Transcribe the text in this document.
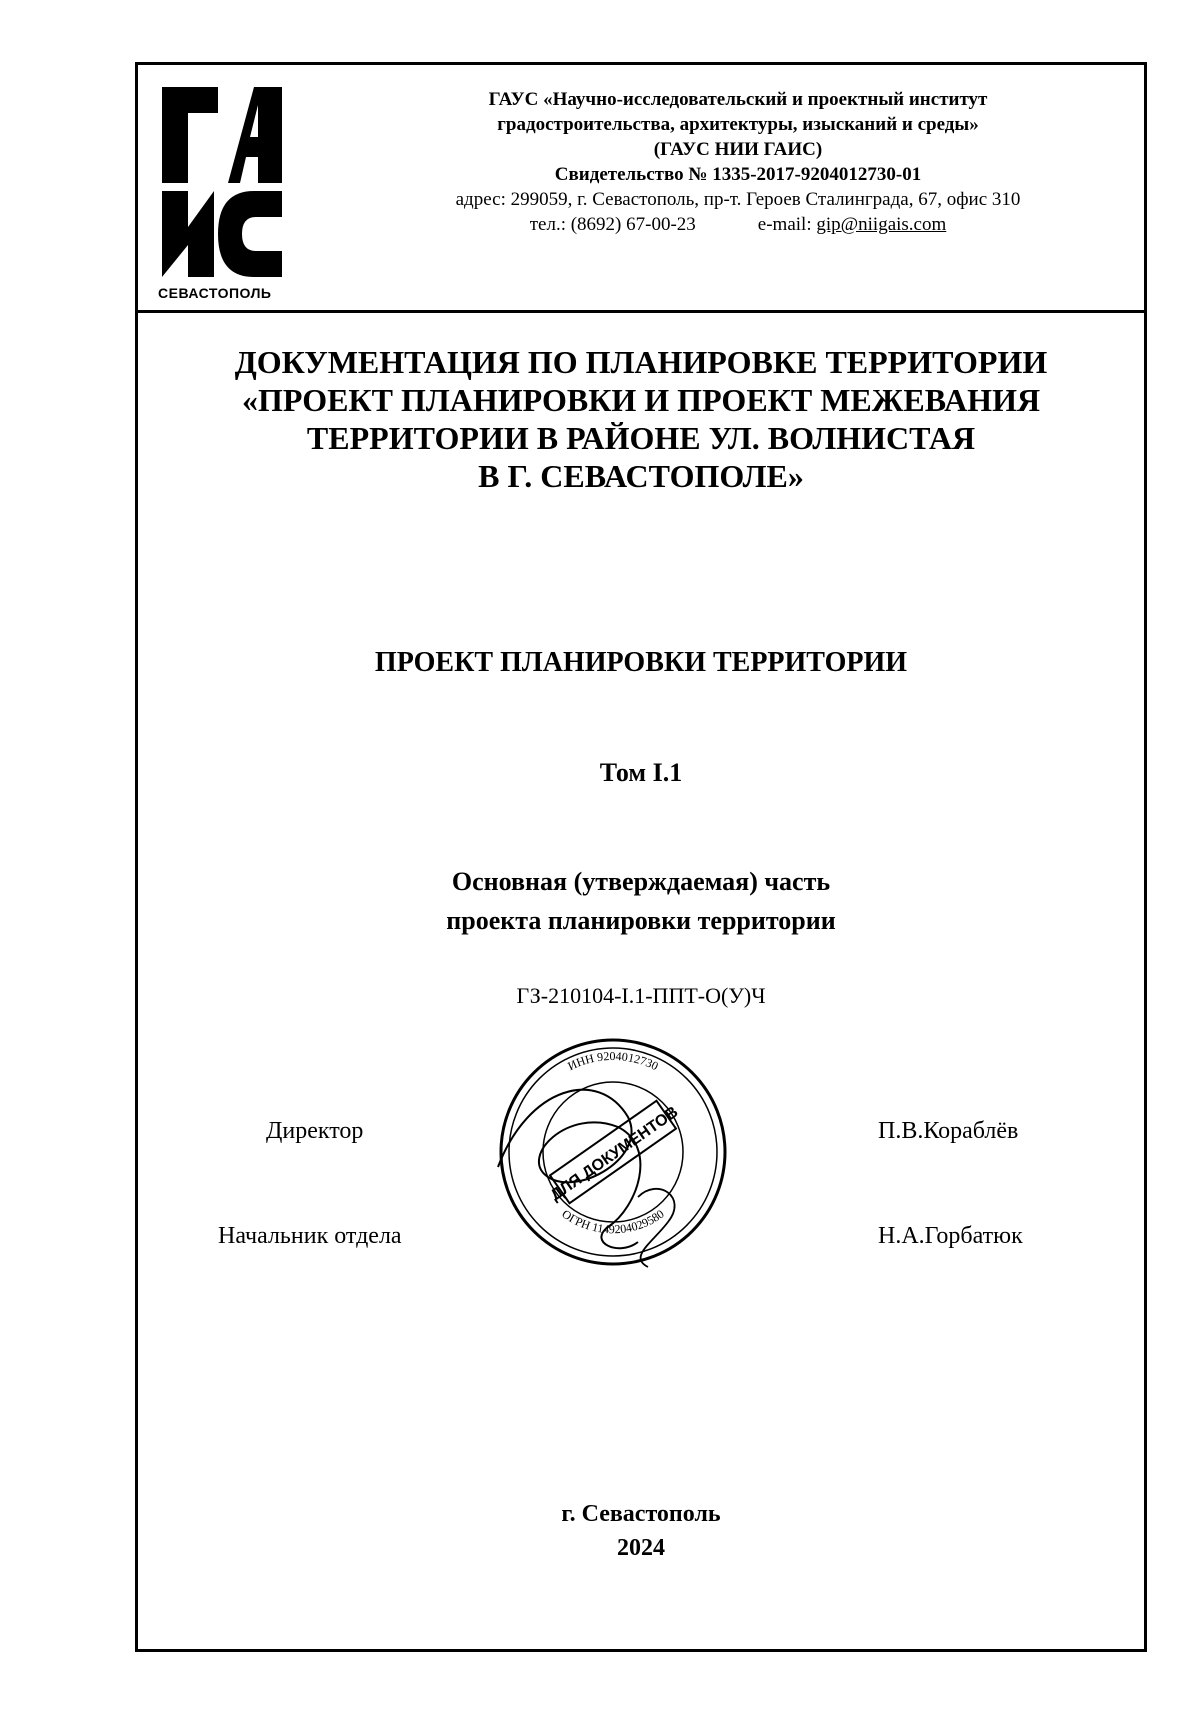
СЕВАСТОПОЛЬ
ГАУС «Научно-исследовательский и проектный институт
градостроительства, архитектуры, изысканий и среды»
(ГАУС НИИ ГАИС)
Свидетельство № 1335-2017-9204012730-01
адрес: 299059, г. Севастополь, пр-т. Героев Сталинграда, 67, офис 310
тел.: (8692) 67-00-23	e-mail: gip@niigais.com
ДОКУМЕНТАЦИЯ ПО ПЛАНИРОВКЕ ТЕРРИТОРИИ
«ПРОЕКТ ПЛАНИРОВКИ И ПРОЕКТ МЕЖЕВАНИЯ
ТЕРРИТОРИИ В РАЙОНЕ УЛ. ВОЛНИСТАЯ
В Г. СЕВАСТОПОЛЕ»
ПРОЕКТ ПЛАНИРОВКИ ТЕРРИТОРИИ
Том I.1
Основная (утверждаемая) часть
проекта планировки территории
ГЗ-210104-I.1-ППТ-О(У)Ч
Директор	П.В.Кораблёв
Начальник отдела	Н.А.Горбатюк
ИНН 9204012730
ОГРН 1149204029580
ДЛЯ ДОКУМЕНТОВ
г. Севастополь
2024
